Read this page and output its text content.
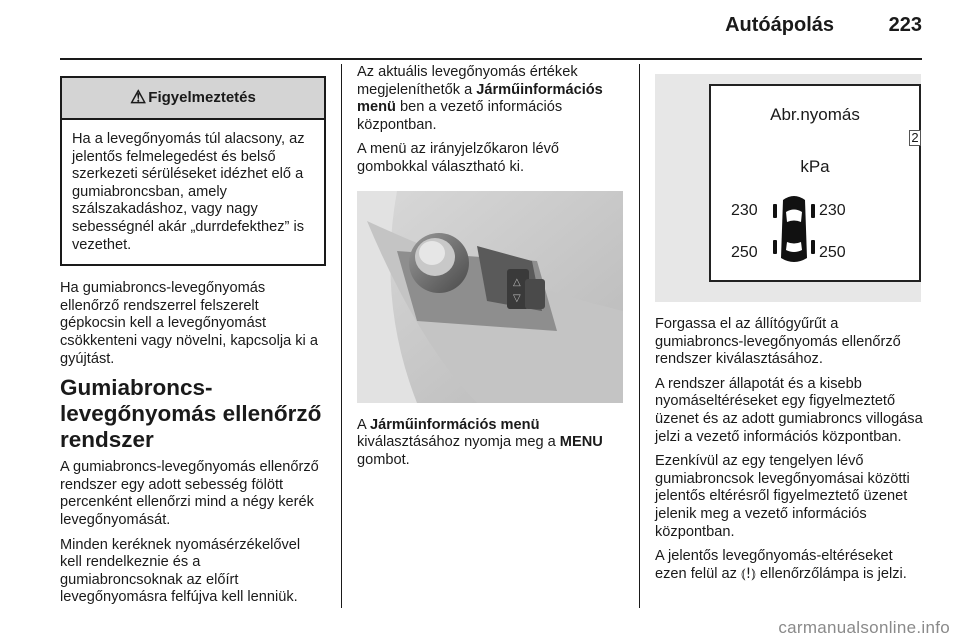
Autóápolás	223
⚠ Figyelmeztetés
Ha a levegőnyomás túl alacsony, az jelentős felmelegedést és belső szerkezeti sérüléseket idézhet elő a gumiabroncsban, amely szálszakadáshoz, vagy nagy sebességnél akár „durrdefekthez” is vezethet.

Ha gumiabroncs-levegőnyomás ellenőrző rendszerrel felszerelt gépkocsin kell a levegőnyomást csökkenteni vagy növelni, kapcsolja ki a gyújtást.

Gumiabroncs-levegőnyomás ellenőrző rendszer

A gumiabroncs-levegőnyomás ellenőrző rendszer egy adott sebesség fölött percenként ellenőrzi mind a négy kerék levegőnyomását.

Minden keréknek nyomásérzékelővel kell rendelkeznie és a gumiabroncsoknak az előírt levegőnyomásra felfújva kell lenniük.

Az aktuális levegőnyomás értékek megjeleníthetők a Járműinformációs menü ben a vezető információs központban.

A menü az irányjelzőkaron lévő gombokkal választható ki.

△
▽

A Járműinformációs menü kiválasztásához nyomja meg a MENU gombot.

Abr.nyomás
2
kPa
230	230
250	250

Forgassa el az állítógyűrűt a gumiabroncs-levegőnyomás ellenőrző rendszer kiválasztásához.

A rendszer állapotát és a kisebb nyomáseltéréseket egy figyelmeztető üzenet és az adott gumiabroncs villogása jelzi a vezető információs központban.

Ezenkívül az egy tengelyen lévő gumiabroncsok levegőnyomásai közötti jelentős eltérésről figyelmeztető üzenet jelenik meg a vezető információs központban.

A jelentős levegőnyomás-eltéréseket ezen felül az ⦅!⦆ ellenőrzőlámpa is jelzi.

carmanualsonline.info
